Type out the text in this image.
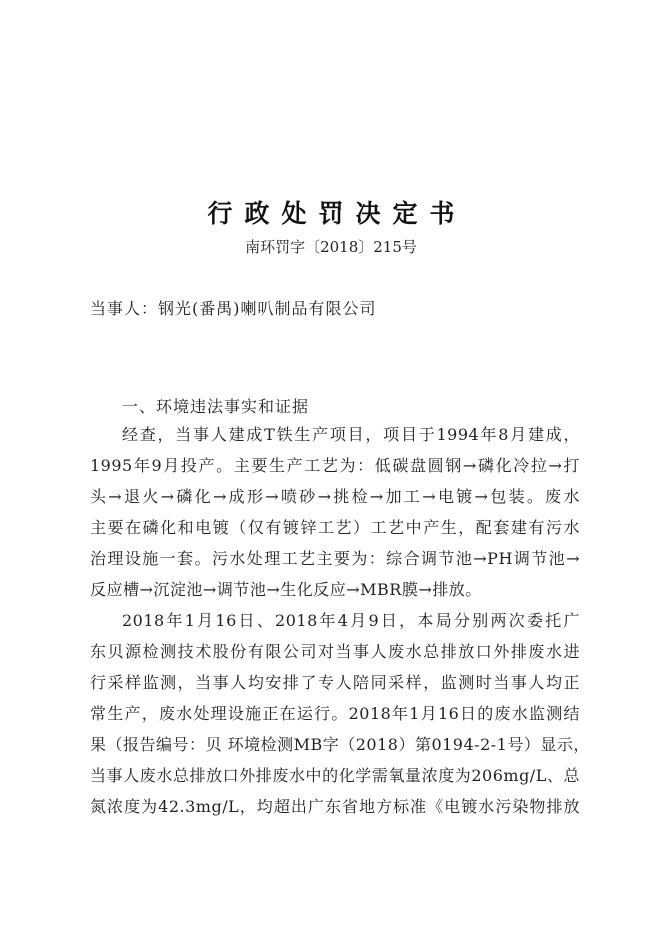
行政处罚决定书
南环罚字〔2018〕215号
当事人：钢光(番禺)喇叭制品有限公司
一、环境违法事实和证据
经查，当事人建成T铁生产项目，项目于1994年8月建成，
1995年9月投产。主要生产工艺为：低碳盘圆钢→磷化冷拉→打
头→退火→磷化→成形→喷砂→挑检→加工→电镀→包装。废水
主要在磷化和电镀（仅有镀锌工艺）工艺中产生，配套建有污水
治理设施一套。污水处理工艺主要为：综合调节池→PH调节池→
反应槽→沉淀池→调节池→生化反应→MBR膜→排放。
2018年1月16日、2018年4月9日，本局分别两次委托广
东贝源检测技术股份有限公司对当事人废水总排放口外排废水进
行采样监测，当事人均安排了专人陪同采样，监测时当事人均正
常生产，废水处理设施正在运行。2018年1月16日的废水监测结
果（报告编号：贝 环境检测MB字（2018）第0194-2-1号）显示，
当事人废水总排放口外排废水中的化学需氧量浓度为206mg/L、总
氮浓度为42.3mg/L，均超出广东省地方标准《电镀水污染物排放
